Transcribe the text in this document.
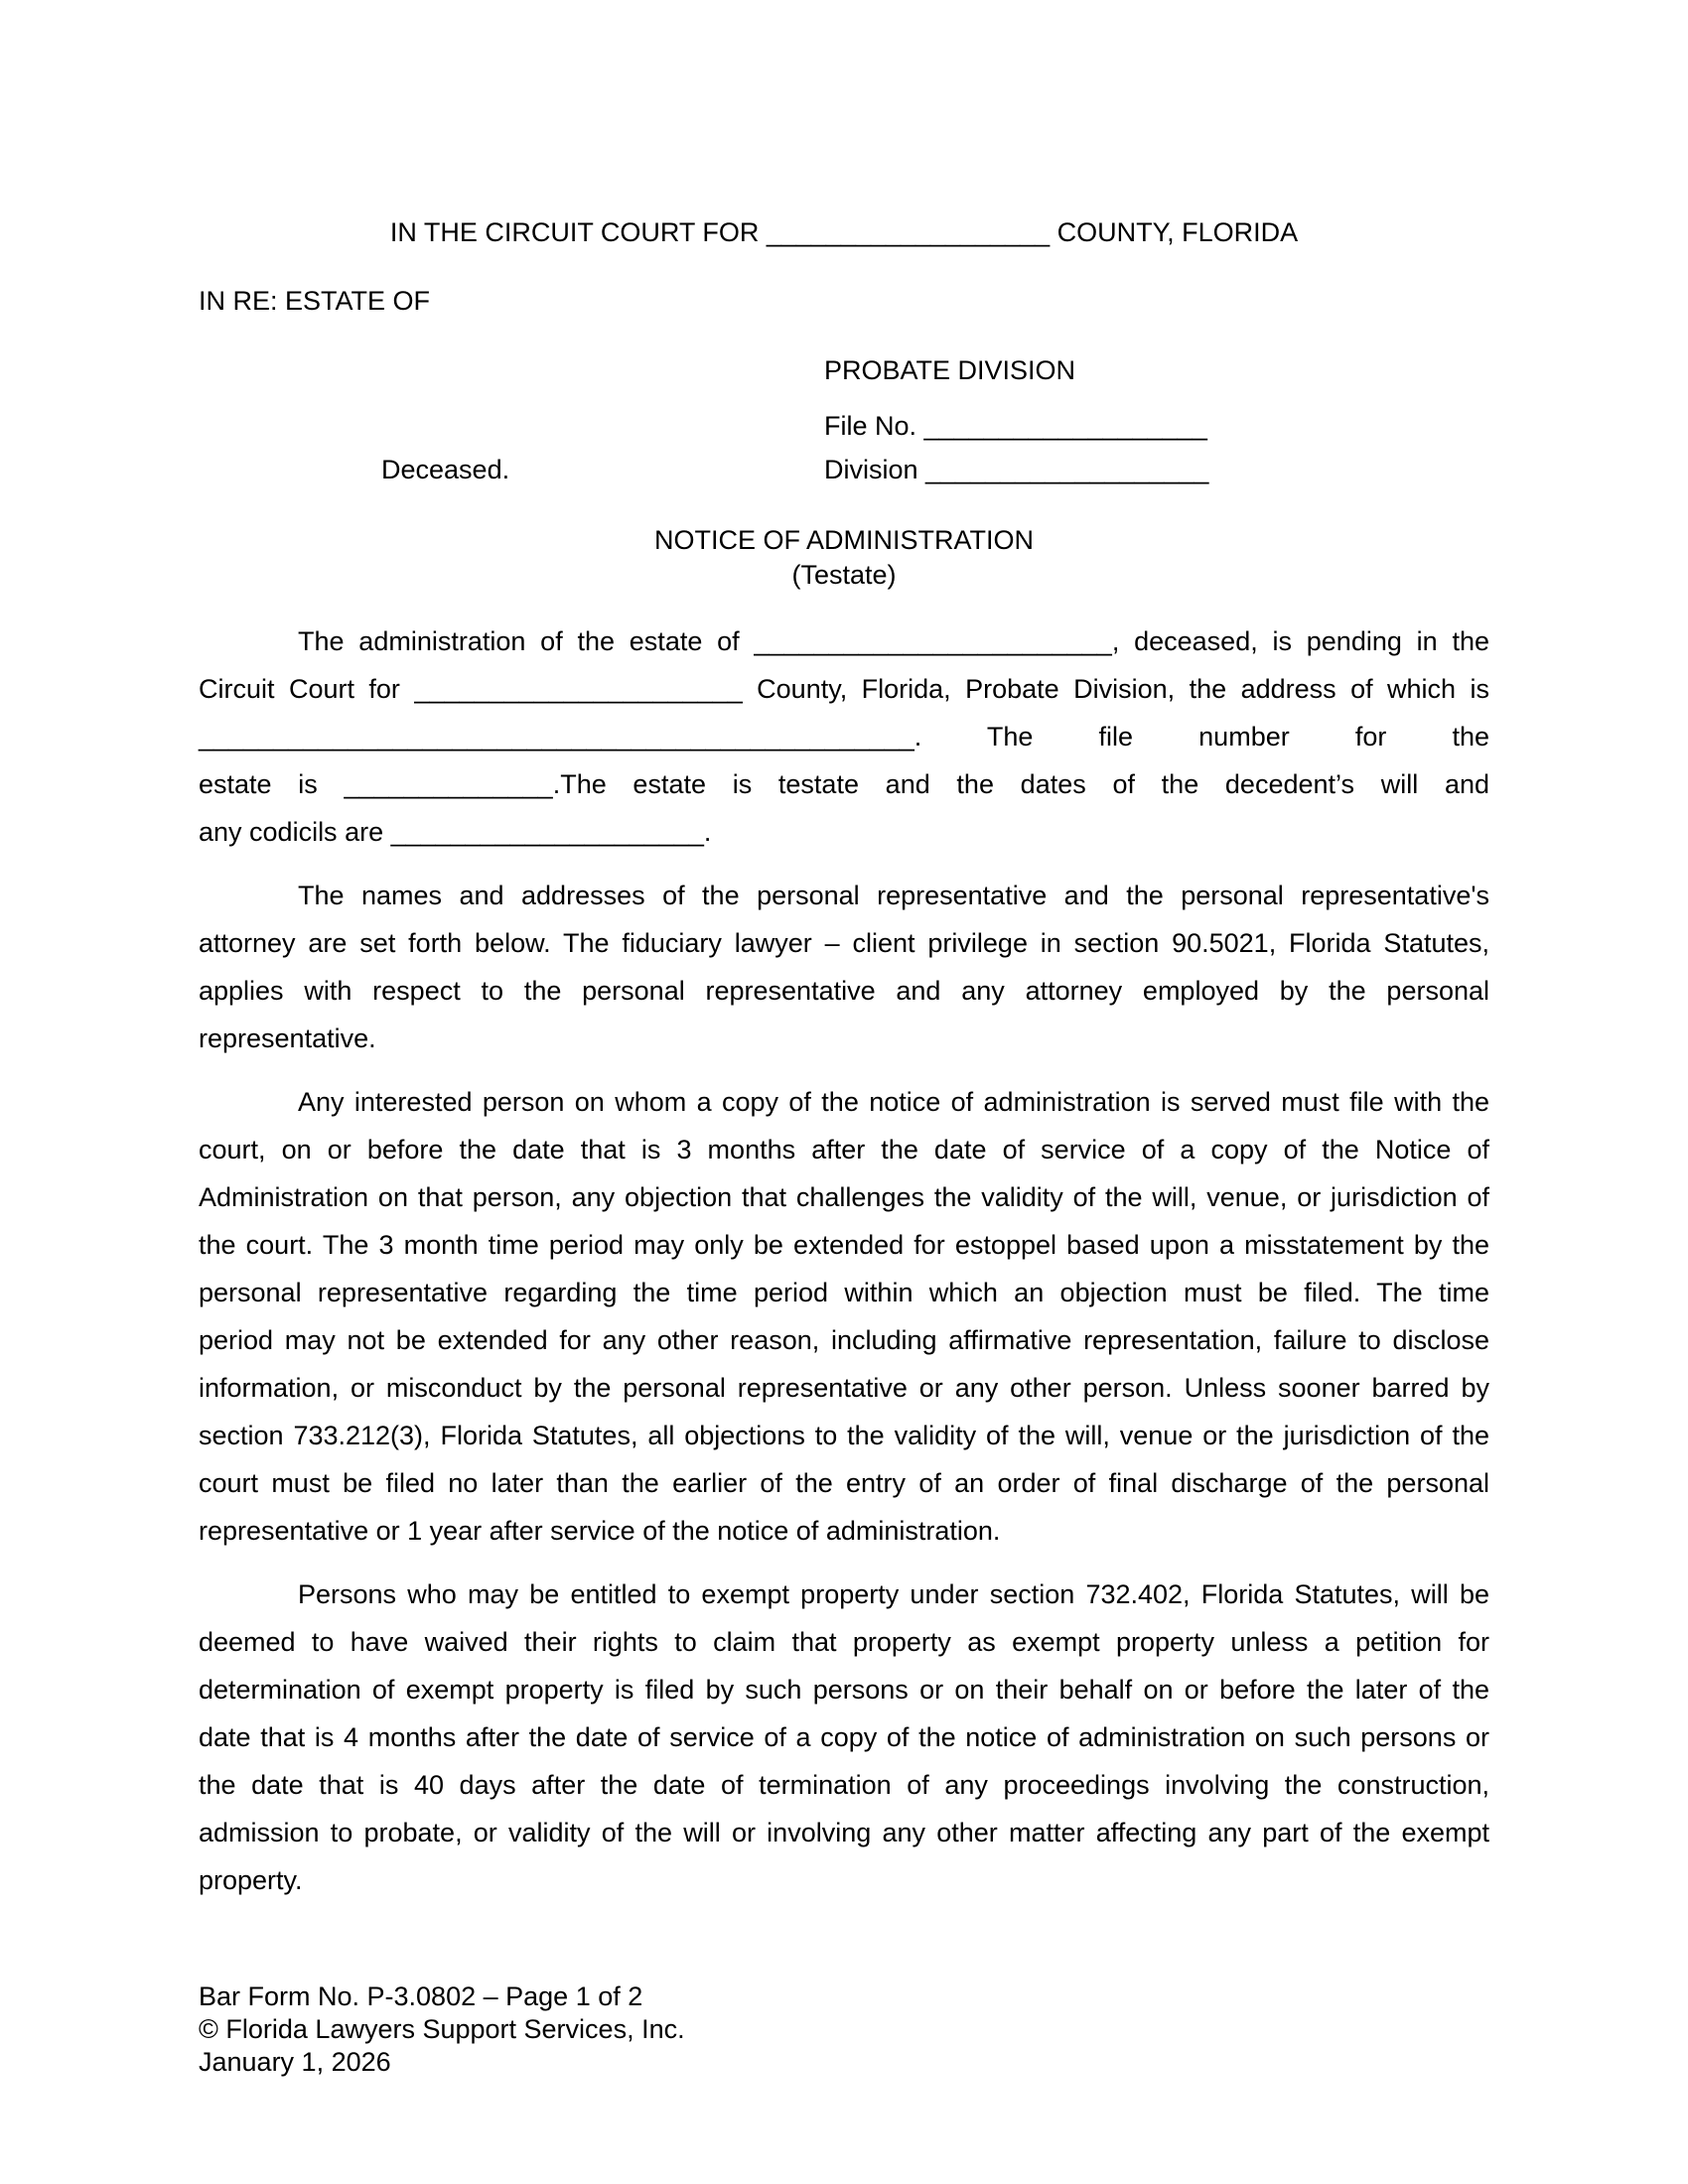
IN THE CIRCUIT COURT FOR ___________________ COUNTY, FLORIDA
IN RE: ESTATE OF
PROBATE DIVISION
File No. ___________________
Deceased.	Division ___________________
NOTICE OF ADMINISTRATION
(Testate)
The administration of the estate of ________________________, deceased, is pending in the
Circuit Court for ______________________ County, Florida, Probate Division, the address of which is
________________________________________________. The file number for the
estate is ______________.The estate is testate and the dates of the decedent’s will and
any codicils are _____________________.
The names and addresses of the personal representative and the personal representative's
attorney are set forth below. The fiduciary lawyer – client privilege in section 90.5021, Florida Statutes,
applies with respect to the personal representative and any attorney employed by the personal
representative.
Any interested person on whom a copy of the notice of administration is served must file with the
court, on or before the date that is 3 months after the date of service of a copy of the Notice of
Administration on that person, any objection that challenges the validity of the will, venue, or jurisdiction of
the court. The 3 month time period may only be extended for estoppel based upon a misstatement by the
personal representative regarding the time period within which an objection must be filed. The time
period may not be extended for any other reason, including affirmative representation, failure to disclose
information, or misconduct by the personal representative or any other person. Unless sooner barred by
section 733.212(3), Florida Statutes, all objections to the validity of the will, venue or the jurisdiction of the
court must be filed no later than the earlier of the entry of an order of final discharge of the personal
representative or 1 year after service of the notice of administration.
Persons who may be entitled to exempt property under section 732.402, Florida Statutes, will be
deemed to have waived their rights to claim that property as exempt property unless a petition for
determination of exempt property is filed by such persons or on their behalf on or before the later of the
date that is 4 months after the date of service of a copy of the notice of administration on such persons or
the date that is 40 days after the date of termination of any proceedings involving the construction,
admission to probate, or validity of the will or involving any other matter affecting any part of the exempt
property.
Bar Form No. P-3.0802 – Page 1 of 2
© Florida Lawyers Support Services, Inc.
January 1, 2026
